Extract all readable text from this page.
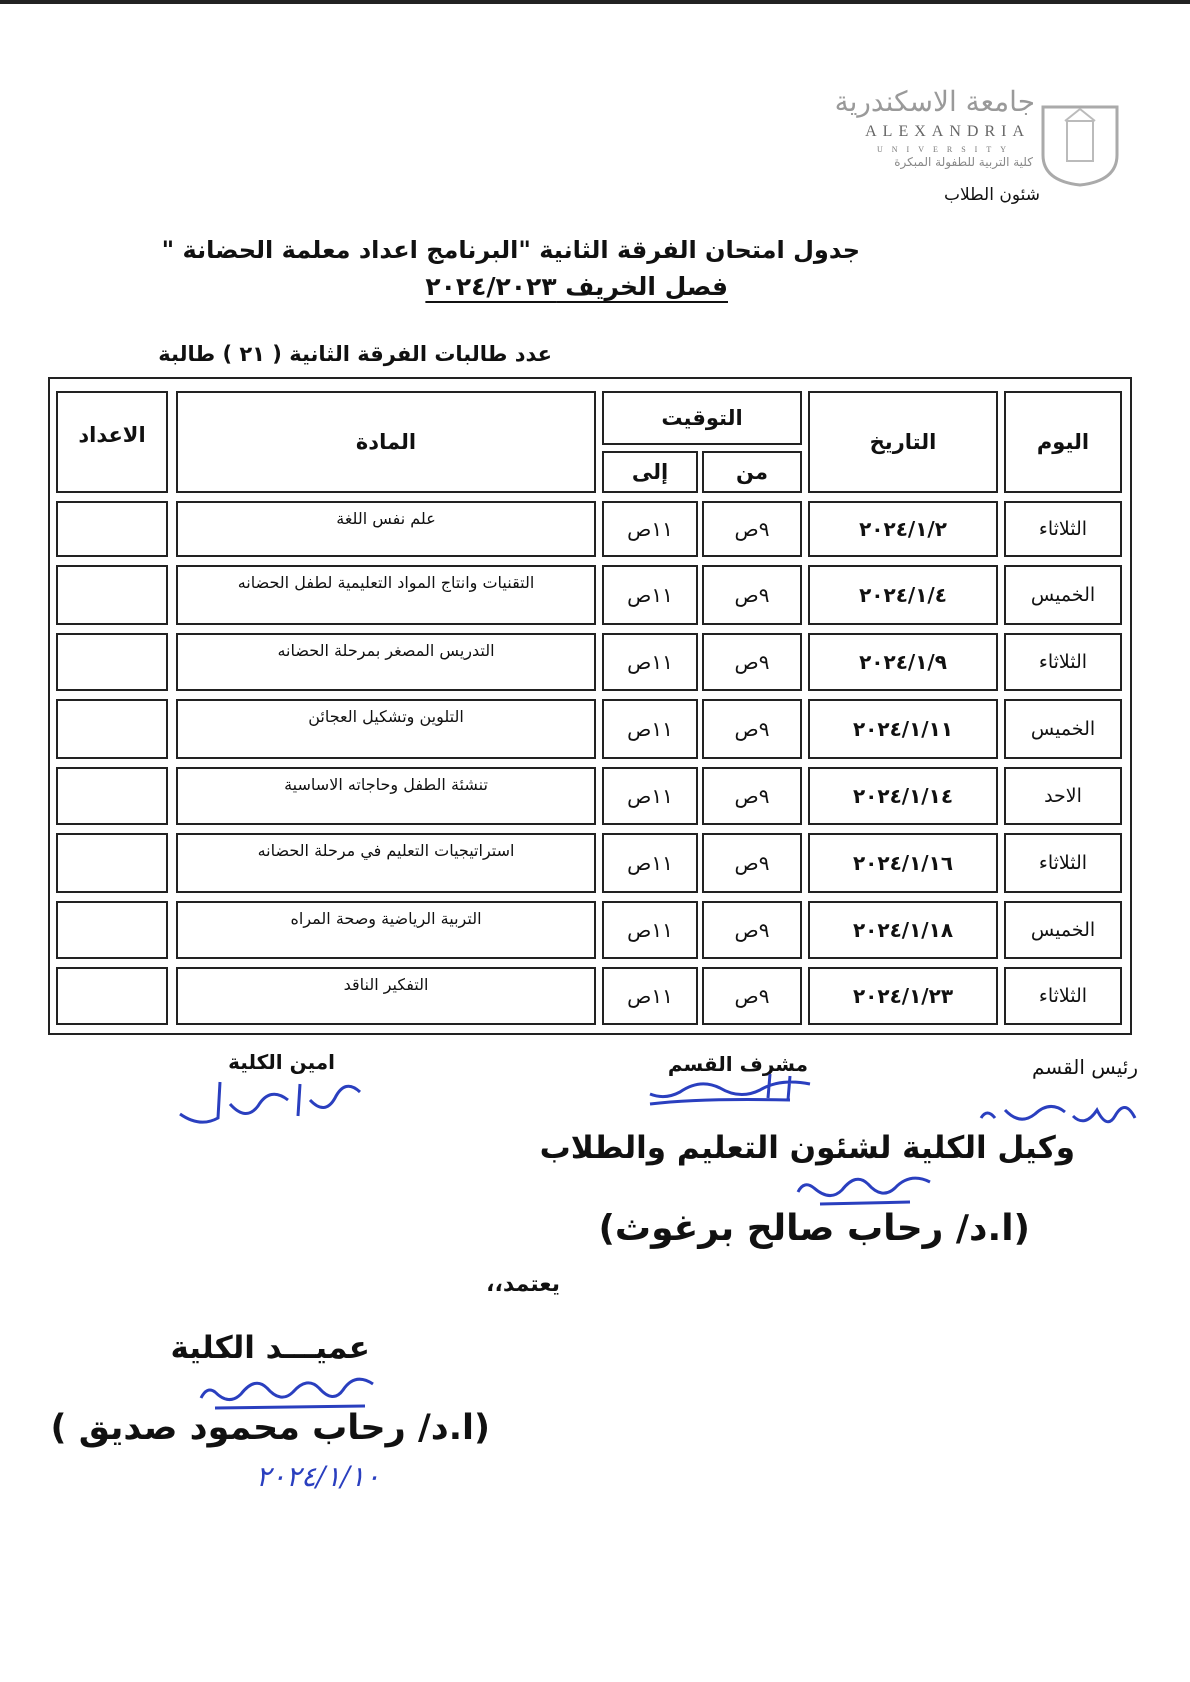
جامعة الاسكندرية
ALEXANDRIA
UNIVERSITY
كلية التربية للطفولة المبكرة
شئون الطلاب
جدول امتحان الفرقة الثانية "البرنامج اعداد معلمة الحضانة "
فصل الخريف ٢٠٢٤/٢٠٢٣
عدد طالبات الفرقة الثانية ( ٢١ ) طالبة
اليوم
التاريخ
التوقيت
من
إلى
المادة
الاعداد
الثلاثاء
٢٠٢٤/١/٢
٩ص
١١ص
علم نفس اللغة
الخميس
٢٠٢٤/١/٤
٩ص
١١ص
التقنيات وانتاج المواد التعليمية لطفل الحضانه
الثلاثاء
٢٠٢٤/١/٩
٩ص
١١ص
التدريس المصغر بمرحلة الحضانه
الخميس
٢٠٢٤/١/١١
٩ص
١١ص
التلوين وتشكيل العجائن
الاحد
٢٠٢٤/١/١٤
٩ص
١١ص
تنشئة الطفل وحاجاته الاساسية
الثلاثاء
٢٠٢٤/١/١٦
٩ص
١١ص
استراتيجيات التعليم في مرحلة الحضانه
الخميس
٢٠٢٤/١/١٨
٩ص
١١ص
التربية الرياضية وصحة المراه
الثلاثاء
٢٠٢٤/١/٢٣
٩ص
١١ص
التفكير الناقد
رئيس القسم
مشرف القسم
امين الكلية
وكيل الكلية لشئون التعليم والطلاب
(ا.د/ رحاب صالح برغوث)
يعتمد،،
عميـــد الكلية
(ا.د/ رحاب محمود صديق )
٢٠٢٤/١/١٠
